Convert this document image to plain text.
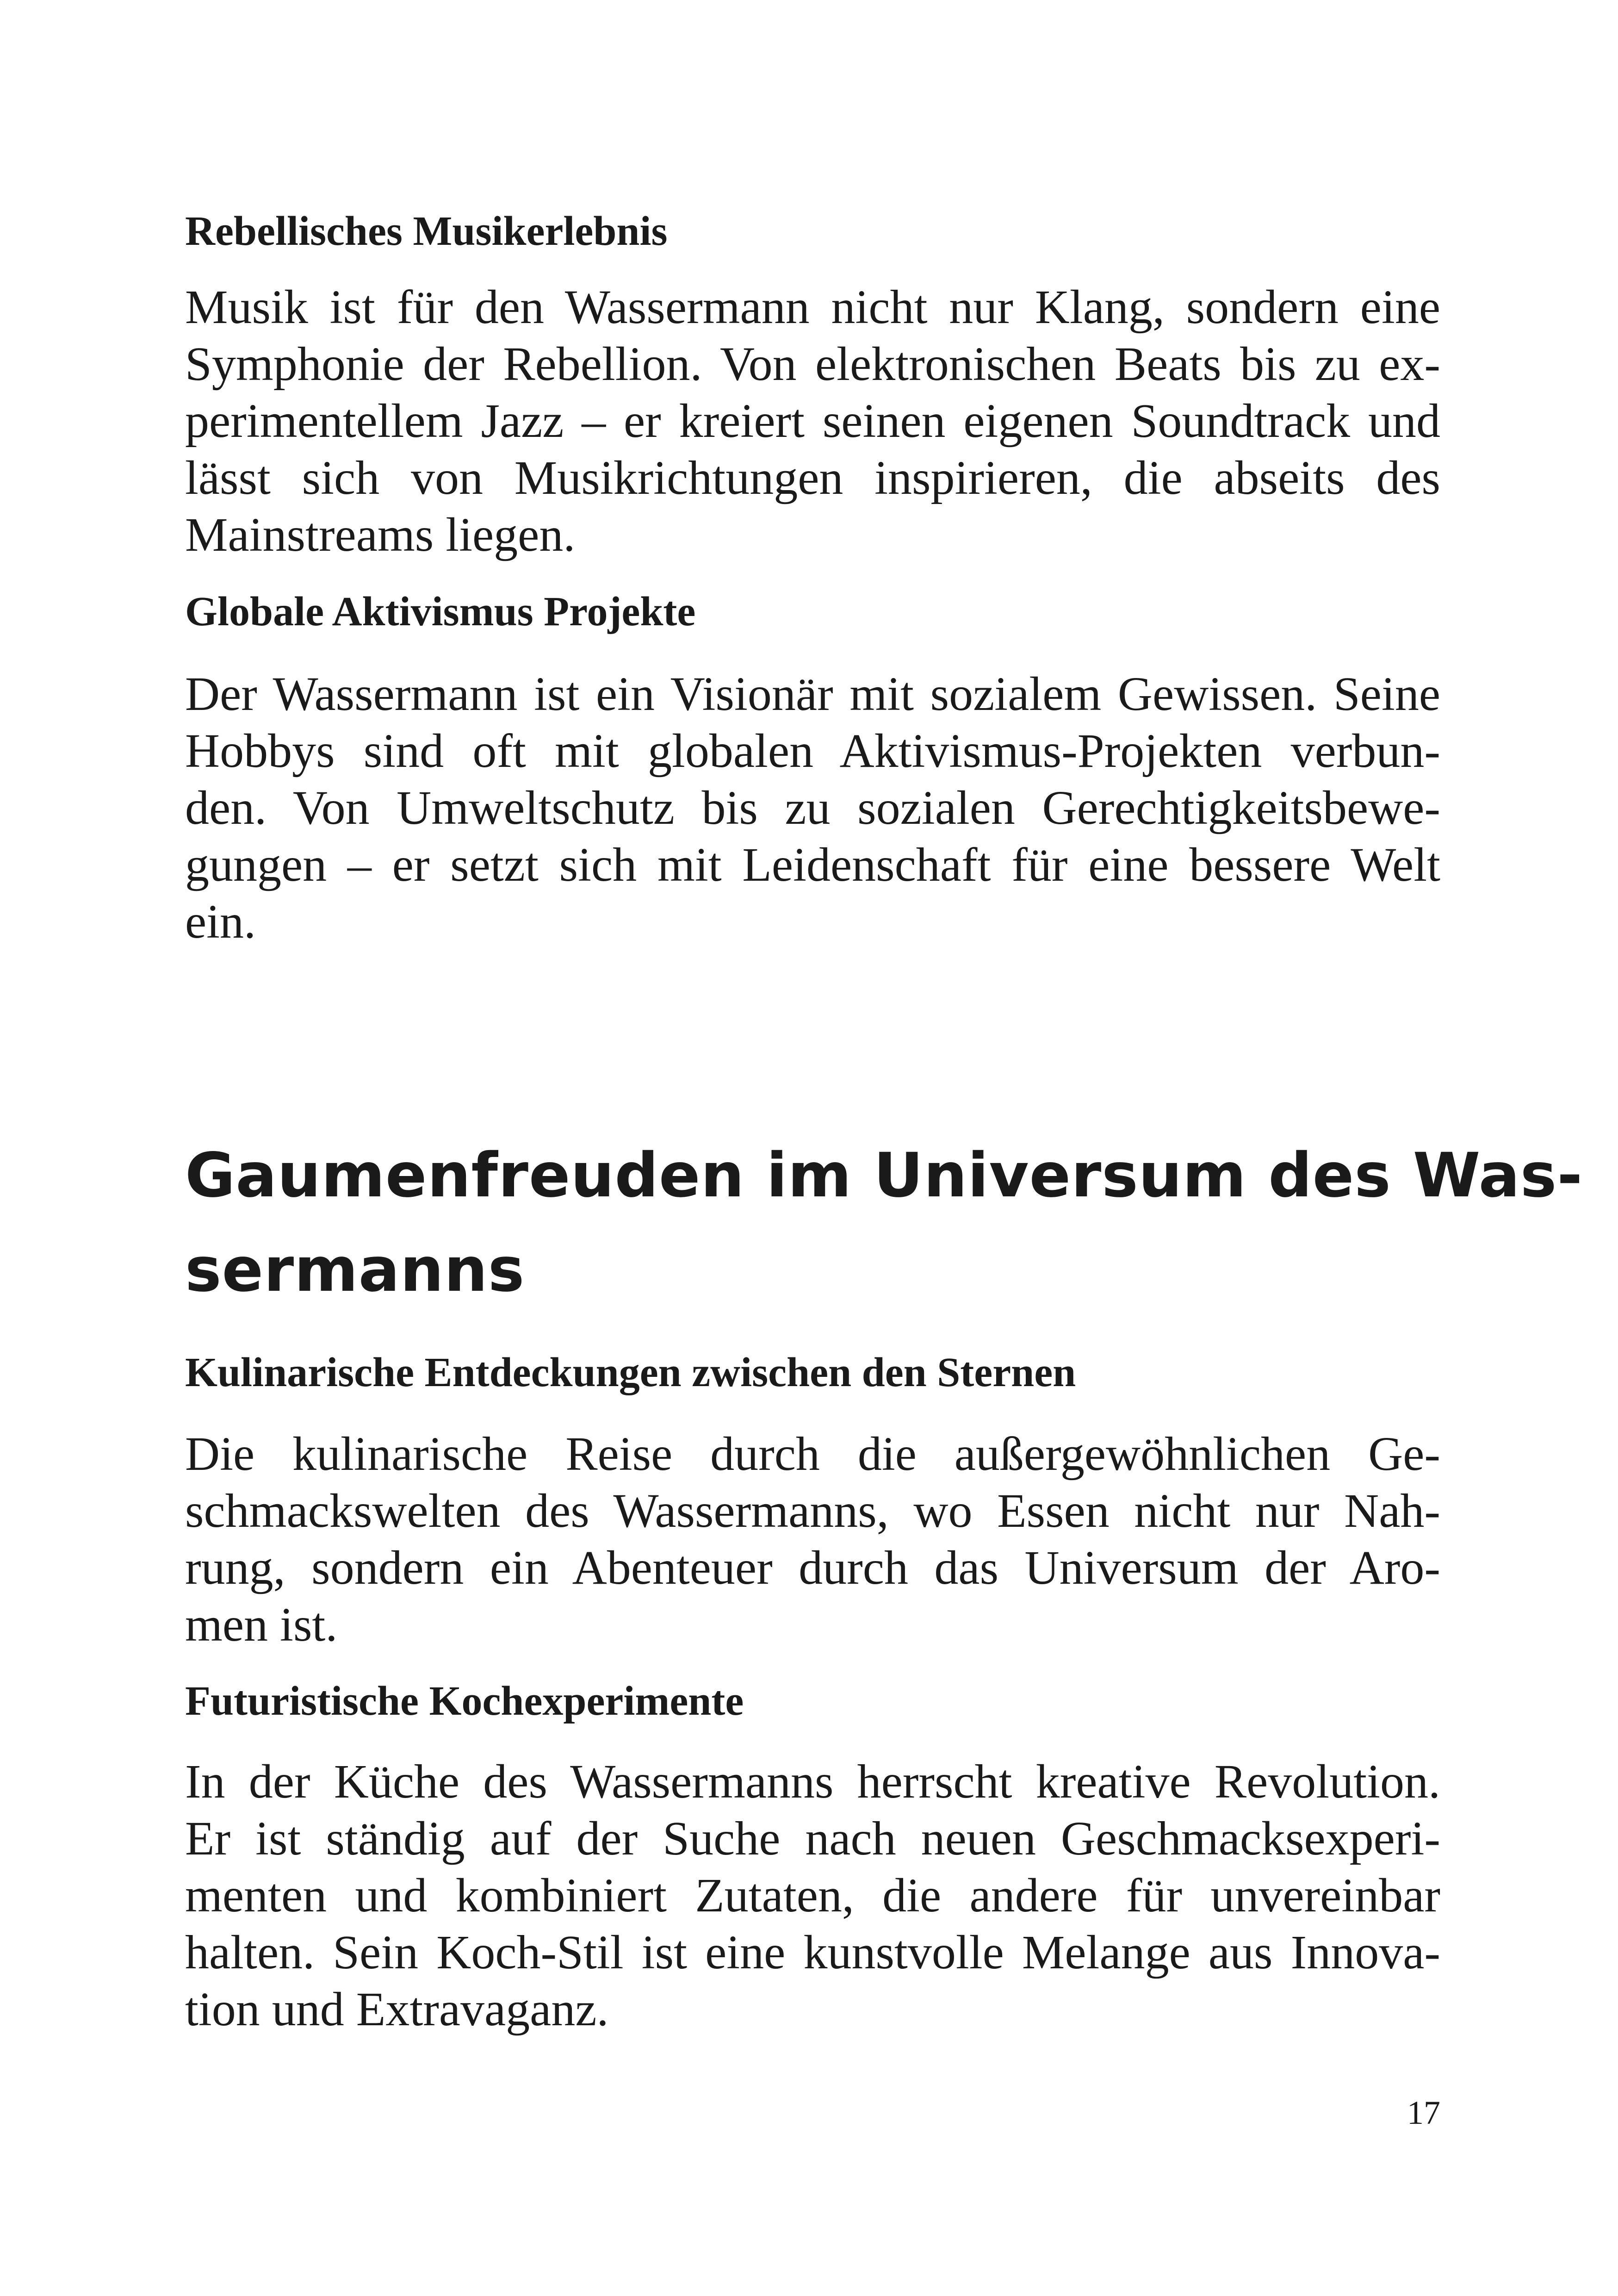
Rebellisches Musikerlebnis
Musik ist für den Wassermann nicht nur Klang, sondern eine
Symphonie der Rebellion. Von elektronischen Beats bis zu ex-
perimentellem Jazz – er kreiert seinen eigenen Soundtrack und
lässt sich von Musikrichtungen inspirieren, die abseits des
Mainstreams liegen.
Globale Aktivismus Projekte
Der Wassermann ist ein Visionär mit sozialem Gewissen. Seine
Hobbys sind oft mit globalen Aktivismus-Projekten verbun-
den. Von Umweltschutz bis zu sozialen Gerechtigkeitsbewe-
gungen – er setzt sich mit Leidenschaft für eine bessere Welt
ein.
Gaumenfreuden im Universum des Was-
sermanns
Kulinarische Entdeckungen zwischen den Sternen
Die kulinarische Reise durch die außergewöhnlichen Ge-
schmackswelten des Wassermanns, wo Essen nicht nur Nah-
rung, sondern ein Abenteuer durch das Universum der Aro-
men ist.
Futuristische Kochexperimente
In der Küche des Wassermanns herrscht kreative Revolution.
Er ist ständig auf der Suche nach neuen Geschmacksexperi-
menten und kombiniert Zutaten, die andere für unvereinbar
halten. Sein Koch-Stil ist eine kunstvolle Melange aus Innova-
tion und Extravaganz.
17
